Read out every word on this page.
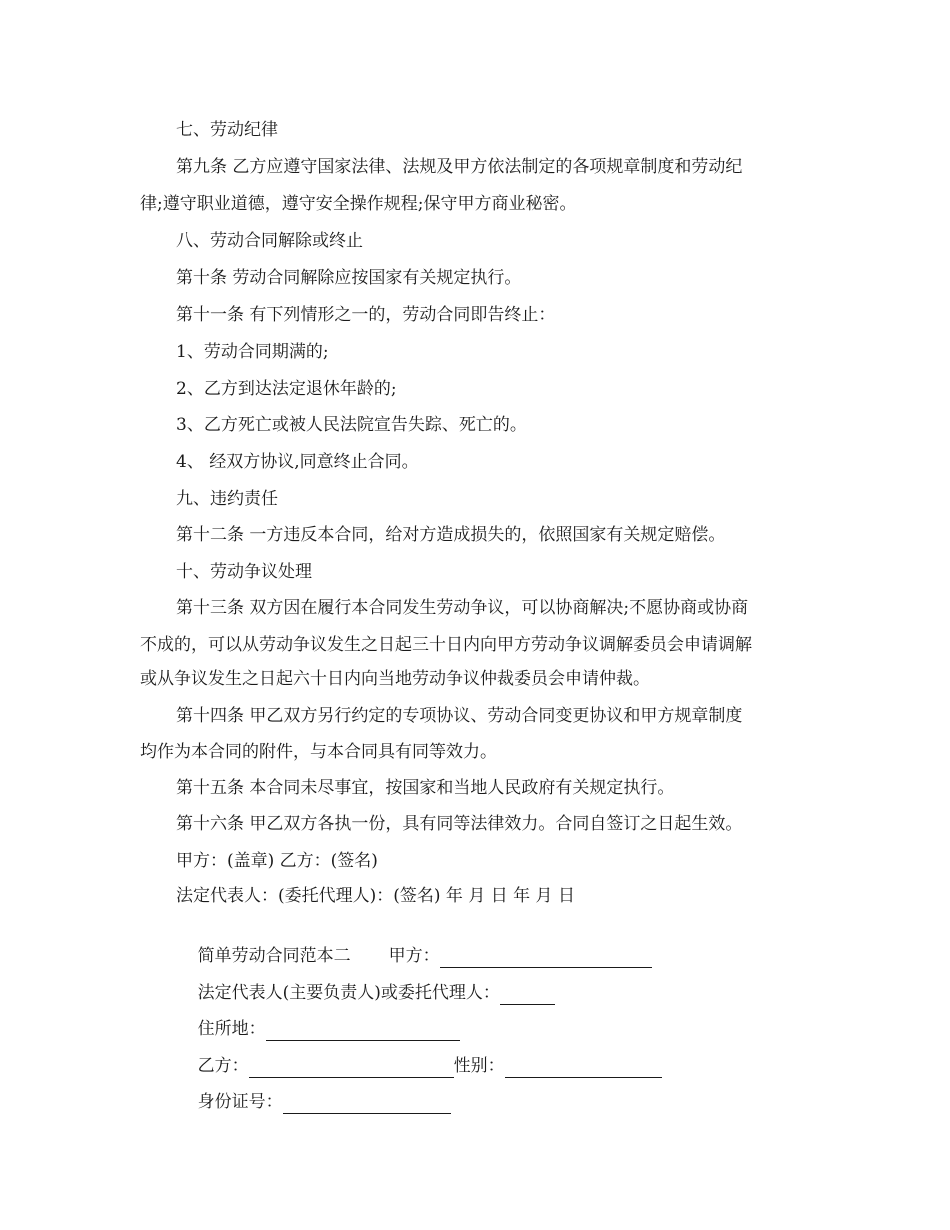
七、劳动纪律
第九条 乙方应遵守国家法律、法规及甲方依法制定的各项规章制度和劳动纪
律;遵守职业道德，遵守安全操作规程;保守甲方商业秘密。
八、劳动合同解除或终止
第十条 劳动合同解除应按国家有关规定执行。
第十一条 有下列情形之一的，劳动合同即告终止：
1、劳动合同期满的;
2、乙方到达法定退休年龄的;
3、乙方死亡或被人民法院宣告失踪、死亡的。
4、 经双方协议,同意终止合同。
九、违约责任
第十二条 一方违反本合同，给对方造成损失的，依照国家有关规定赔偿。
十、劳动争议处理
第十三条 双方因在履行本合同发生劳动争议，可以协商解决;不愿协商或协商
不成的，可以从劳动争议发生之日起三十日内向甲方劳动争议调解委员会申请调解
或从争议发生之日起六十日内向当地劳动争议仲裁委员会申请仲裁。
第十四条 甲乙双方另行约定的专项协议、劳动合同变更协议和甲方规章制度
均作为本合同的附件，与本合同具有同等效力。
第十五条 本合同未尽事宜，按国家和当地人民政府有关规定执行。
第十六条 甲乙双方各执一份，具有同等法律效力。合同自签订之日起生效。
甲方：(盖章) 乙方：(签名)
法定代表人：(委托代理人)：(签名) 年 月 日 年 月 日

简单劳动合同范本二 甲方：

法定代表人(主要负责人)或委托代理人：

住所地：

乙方：	性别：

身份证号：
